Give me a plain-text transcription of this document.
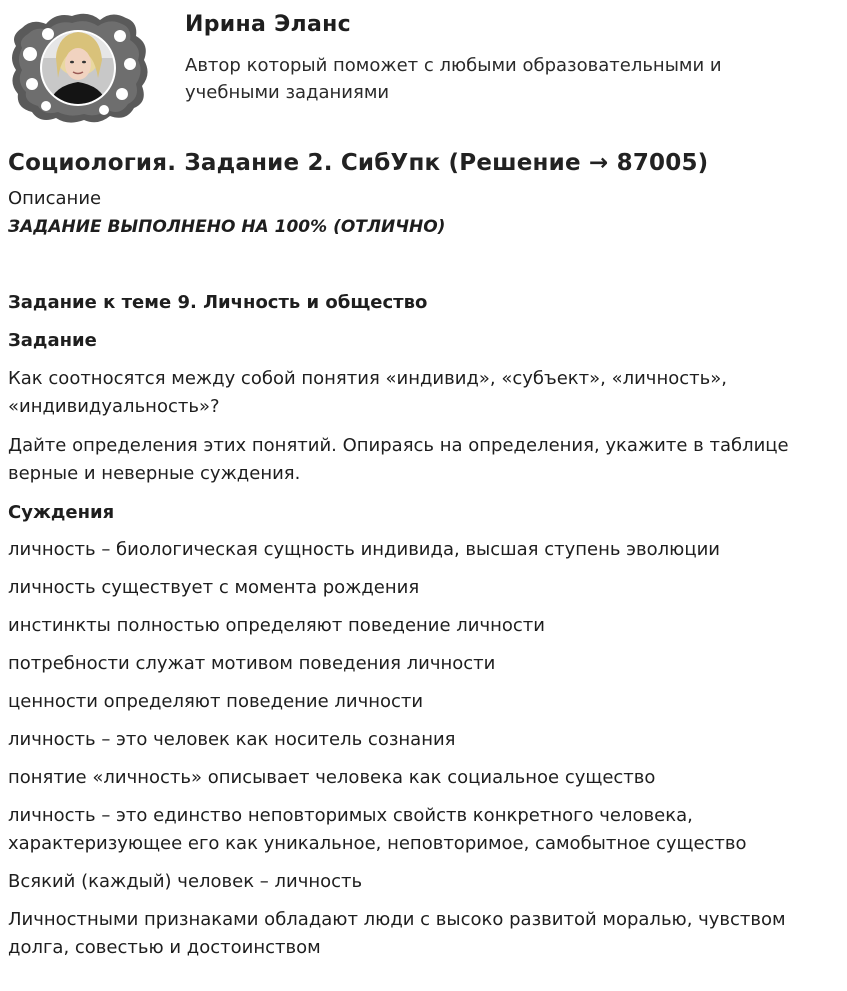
Ирина Эланс
Автор который поможет с любыми образовательными и учебными заданиями
Социология. Задание 2. СибУпк (Решение → 87005)
Описание
ЗАДАНИЕ ВЫПОЛНЕНО НА 100% (ОТЛИЧНО)
Задание к теме 9. Личность и общество
Задание
Как соотносятся между собой понятия «индивид», «субъект», «личность», «индивидуальность»?
Дайте определения этих понятий. Опираясь на определения, укажите в таблице верные и неверные суждения.
Суждения
личность – биологическая сущность индивида, высшая ступень эволюции
личность существует с момента рождения
инстинкты полностью определяют поведение личности
потребности служат мотивом поведения личности
ценности определяют поведение личности
личность – это человек как носитель сознания
понятие «личность» описывает человека как социальное существо
личность – это единство неповторимых свойств конкретного человека, характеризующее его как уникальное, неповторимое, самобытное существо
Всякий (каждый) человек – личность
Личностными признаками обладают люди с высоко развитой моралью, чувством долга, совестью и достоинством
